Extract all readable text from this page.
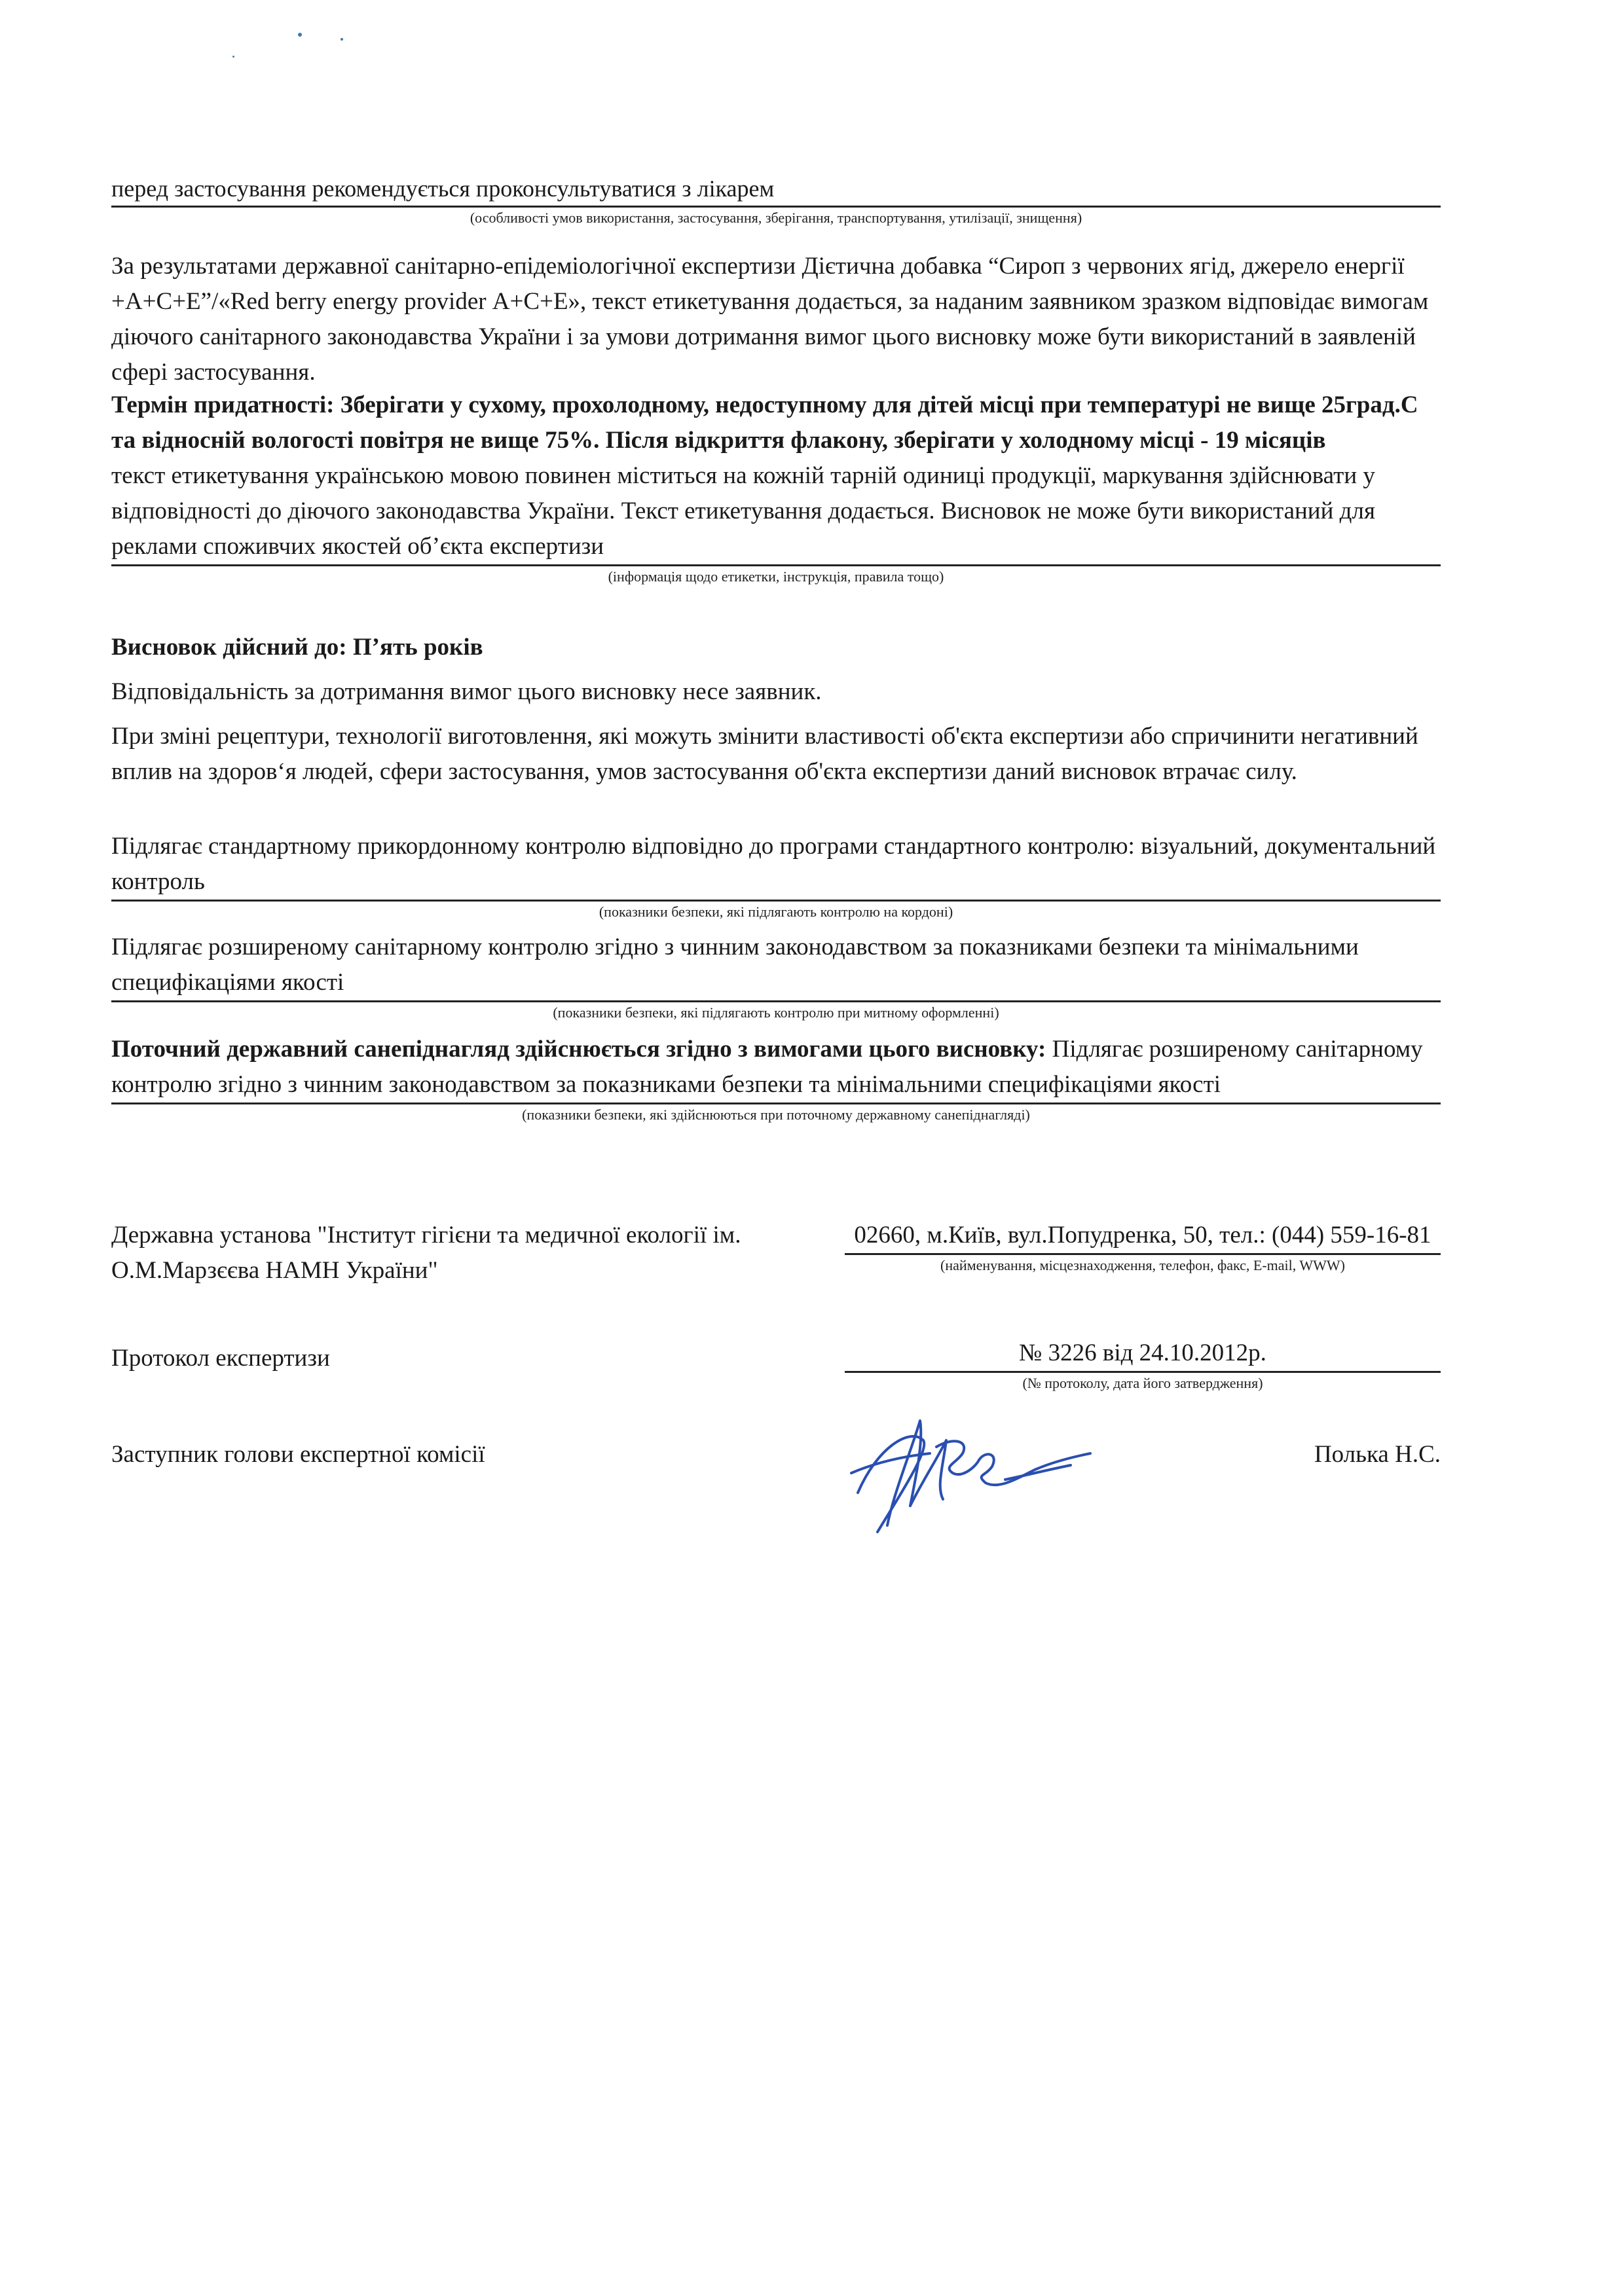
перед застосування рекомендується проконсультуватися з лікарем
(особливості умов використання, застосування, зберігання, транспортування, утилізації, знищення)

За результатами державної санітарно-епідеміологічної експертизи Дієтична добавка “Сироп з червоних ягід, джерело енергії +А+С+Е”/«Red berry energy provider А+С+Е», текст етикетування додається, за наданим заявником зразком відповідає вимогам діючого санітарного законодавства України і за умови дотримання вимог цього висновку може бути використаний в заявленій сфері застосування.

Термін придатності: Зберігати у сухому, прохолодному, недоступному для дітей місці при температурі не вище 25град.С та відносній вологості повітря не вище 75%. Після відкриття флакону, зберігати у холодному місці - 19 місяців

текст етикетування українською мовою повинен міститься на кожній тарній одиниці продукції, маркування здійснювати у відповідності до діючого законодавства України. Текст етикетування додається. Висновок не може бути використаний для реклами споживчих якостей об’єкта експертизи

(інформація щодо етикетки, інструкція, правила тощо)

Висновок дійсний до: П’ять років

Відповідальність за дотримання вимог цього висновку несе заявник.

При зміні рецептури, технології виготовлення, які можуть змінити властивості об'єкта експертизи або спричинити негативний вплив на здоров‘я людей, сфери застосування, умов застосування об'єкта експертизи даний висновок втрачає силу.

Підлягає стандартному прикордонному контролю відповідно до програми стандартного контролю: візуальний, документальний контроль

(показники безпеки, які підлягають контролю на кордоні)

Підлягає розширеному санітарному контролю згідно з чинним законодавством за показниками безпеки та мінімальними специфікаціями якості

(показники безпеки, які підлягають контролю при митному оформленні)

Поточний державний санепіднагляд здійснюється згідно з вимогами цього висновку: Підлягає розширеному санітарному контролю згідно з чинним законодавством за показниками безпеки та мінімальними специфікаціями якості

(показники безпеки, які здійснюються при поточному державному санепіднагляді)
Державна установа "Інститут гігієни та медичної екології ім. О.М.Марзєєва НАМН України"
02660, м.Київ, вул.Попудренка, 50, тел.: (044) 559-16-81
(найменування, місцезнаходження, телефон, факс, E-mail, WWW)
Протокол експертизи	№ 3226 від 24.10.2012р.
(№ протоколу, дата його затвердження)
Заступник голови експертної комісії	Полька Н.С.
